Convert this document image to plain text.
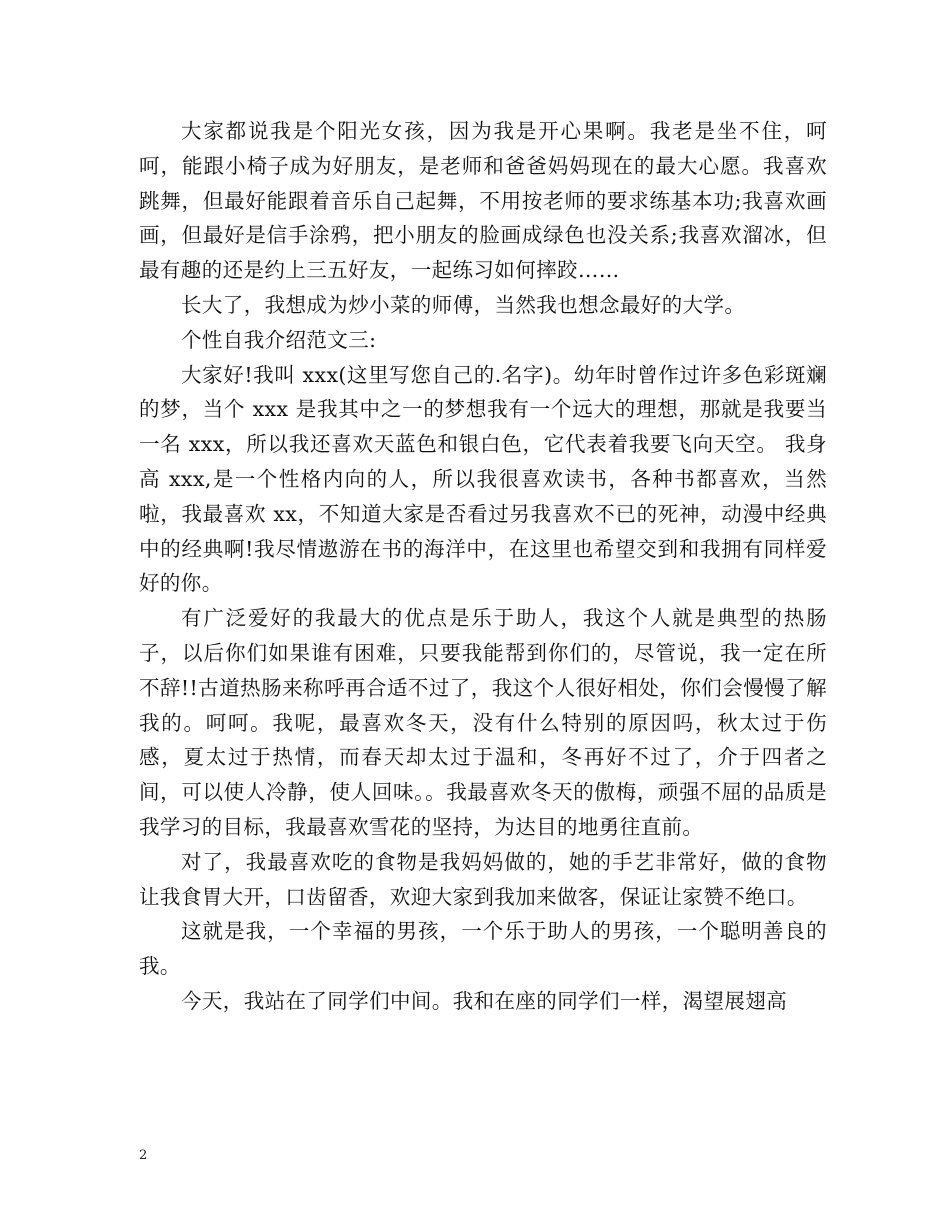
大家都说我是个阳光女孩，因为我是开心果啊。我老是坐不住，呵呵，能跟小椅子成为好朋友，是老师和爸爸妈妈现在的最大心愿。我喜欢跳舞，但最好能跟着音乐自己起舞，不用按老师的要求练基本功;我喜欢画画，但最好是信手涂鸦，把小朋友的脸画成绿色也没关系;我喜欢溜冰，但最有趣的还是约上三五好友，一起练习如何摔跤……

长大了，我想成为炒小菜的师傅，当然我也想念最好的大学。

个性自我介绍范文三:

大家好!我叫 xxx(这里写您自己的.名字)。幼年时曾作过许多色彩斑斓的梦，当个 xxx 是我其中之一的梦想我有一个远大的理想，那就是我要当一名 xxx，所以我还喜欢天蓝色和银白色，它代表着我要飞向天空。 我身高 xxx,是一个性格内向的人，所以我很喜欢读书，各种书都喜欢，当然啦，我最喜欢 xx，不知道大家是否看过另我喜欢不已的死神，动漫中经典中的经典啊!我尽情遨游在书的海洋中，在这里也希望交到和我拥有同样爱好的你。

有广泛爱好的我最大的优点是乐于助人，我这个人就是典型的热肠子，以后你们如果谁有困难，只要我能帮到你们的，尽管说，我一定在所不辞!!古道热肠来称呼再合适不过了，我这个人很好相处，你们会慢慢了解我的。呵呵。我呢，最喜欢冬天，没有什么特别的原因吗，秋太过于伤感，夏太过于热情，而春天却太过于温和，冬再好不过了，介于四者之间，可以使人冷静，使人回味。。我最喜欢冬天的傲梅，顽强不屈的品质是我学习的目标，我最喜欢雪花的坚持，为达目的地勇往直前。

对了，我最喜欢吃的食物是我妈妈做的，她的手艺非常好，做的食物让我食胃大开，口齿留香，欢迎大家到我加来做客，保证让家赞不绝口。

这就是我，一个幸福的男孩，一个乐于助人的男孩，一个聪明善良的我。

今天，我站在了同学们中间。我和在座的同学们一样，渴望展翅高

2
